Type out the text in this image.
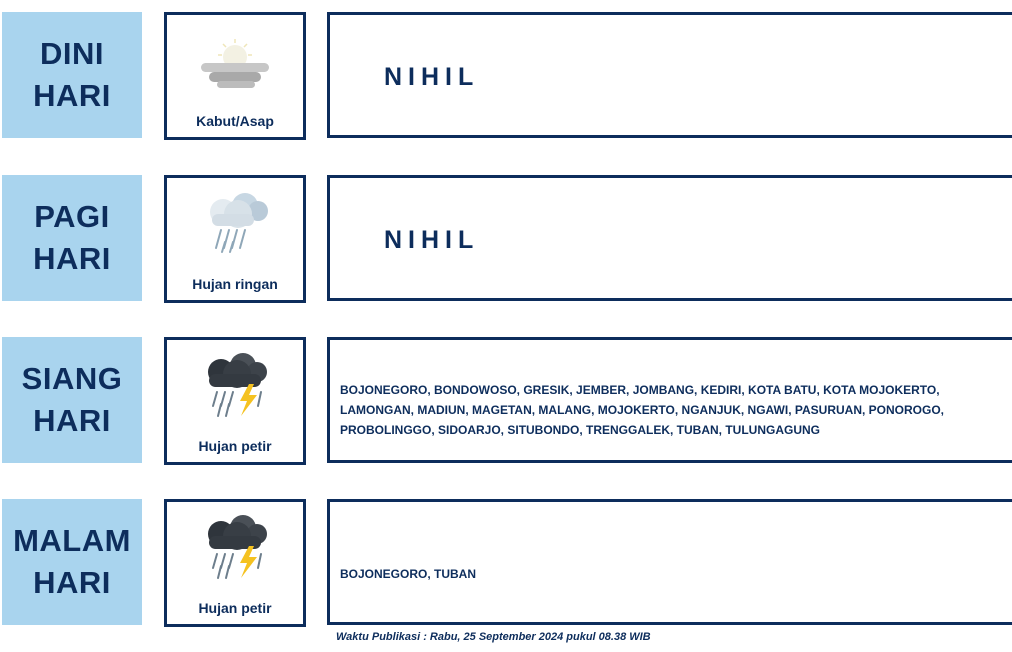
DINI
HARI
Kabut/Asap
NIHIL
PAGI
HARI
Hujan ringan
NIHIL
SIANG
HARI
Hujan petir
BOJONEGORO, BONDOWOSO, GRESIK, JEMBER, JOMBANG, KEDIRI, KOTA BATU, KOTA MOJOKERTO, LAMONGAN, MADIUN, MAGETAN, MALANG, MOJOKERTO, NGANJUK, NGAWI, PASURUAN, PONOROGO, PROBOLINGGO, SIDOARJO, SITUBONDO, TRENGGALEK, TUBAN, TULUNGAGUNG
MALAM
HARI
Hujan petir
BOJONEGORO, TUBAN
Waktu Publikasi : Rabu, 25 September 2024 pukul 08.38 WIB
